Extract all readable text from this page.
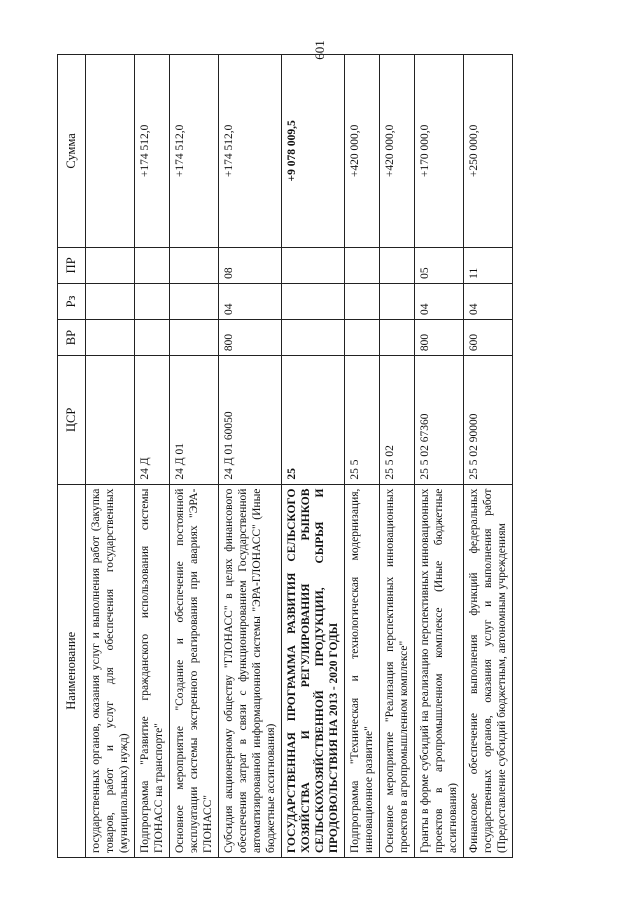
601
Наименование	ЦСР	ВР	Рз	ПР	Сумма
государственных органов, оказания услуг и выполнения работ (Закупка товаров, работ и услуг для обеспечения государственных (муниципальных) нужд)					
Подпрограмма "Развитие гражданского использования системы ГЛОНАСС на транспорте"	24 Д				+174 512,0
Основное мероприятие "Создание и обеспечение постоянной эксплуатации системы экстренного реагирования при авариях "ЭРА-ГЛОНАСС"	24 Д 01				+174 512,0
Субсидия акционерному обществу "ГЛОНАСС" в целях финансового обеспечения затрат в связи с функционированием Государственной автоматизированной информационной системы "ЭРА-ГЛОНАСС" (Иные бюджетные ассигнования)	24 Д 01 60050	800	04	08	+174 512,0
ГОСУДАРСТВЕННАЯ ПРОГРАММА РАЗВИТИЯ СЕЛЬСКОГО ХОЗЯЙСТВА И РЕГУЛИРОВАНИЯ РЫНКОВ СЕЛЬСКОХОЗЯЙСТВЕННОЙ ПРОДУКЦИИ, СЫРЬЯ И ПРОДОВОЛЬСТВИЯ НА 2013 - 2020 ГОДЫ	25				+9 078 009,5
Подпрограмма "Техническая и технологическая модернизация, инновационное развитие"	25 5				+420 000,0
Основное мероприятие "Реализация перспективных инновационных проектов в агропромышленном комплексе"	25 5 02				+420 000,0
Гранты в форме субсидий на реализацию перспективных инновационных проектов в агропромышленном комплексе (Иные бюджетные ассигнования)	25 5 02 67360	800	04	05	+170 000,0
Финансовое обеспечение выполнения функций федеральных государственных органов, оказания услуг и выполнения работ (Предоставление субсидий бюджетным, автономным учреждениям	25 5 02 90000	600	04	11	+250 000,0
